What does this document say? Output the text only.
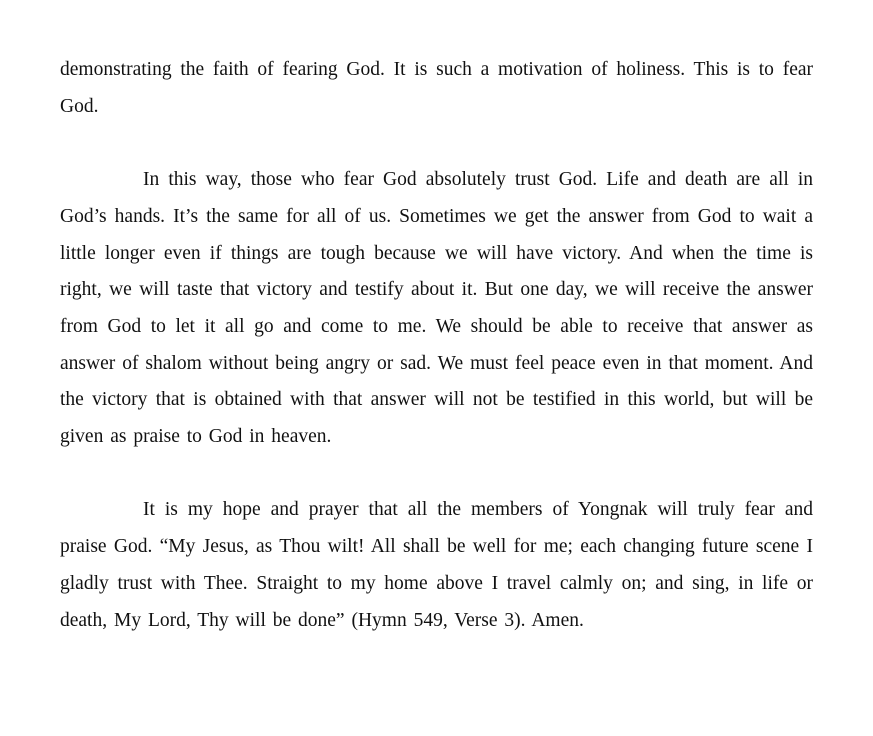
demonstrating the faith of fearing God. It is such a motivation of holiness. This is to fear God.

In this way, those who fear God absolutely trust God. Life and death are all in God’s hands. It’s the same for all of us. Sometimes we get the answer from God to wait a little longer even if things are tough because we will have victory. And when the time is right, we will taste that victory and testify about it. But one day, we will receive the answer from God to let it all go and come to me. We should be able to receive that answer as answer of shalom without being angry or sad. We must feel peace even in that moment. And the victory that is obtained with that answer will not be testified in this world, but will be given as praise to God in heaven.

It is my hope and prayer that all the members of Yongnak will truly fear and praise God. “My Jesus, as Thou wilt! All shall be well for me; each changing future scene I gladly trust with Thee. Straight to my home above I travel calmly on; and sing, in life or death, My Lord, Thy will be done” (Hymn 549, Verse 3). Amen.
